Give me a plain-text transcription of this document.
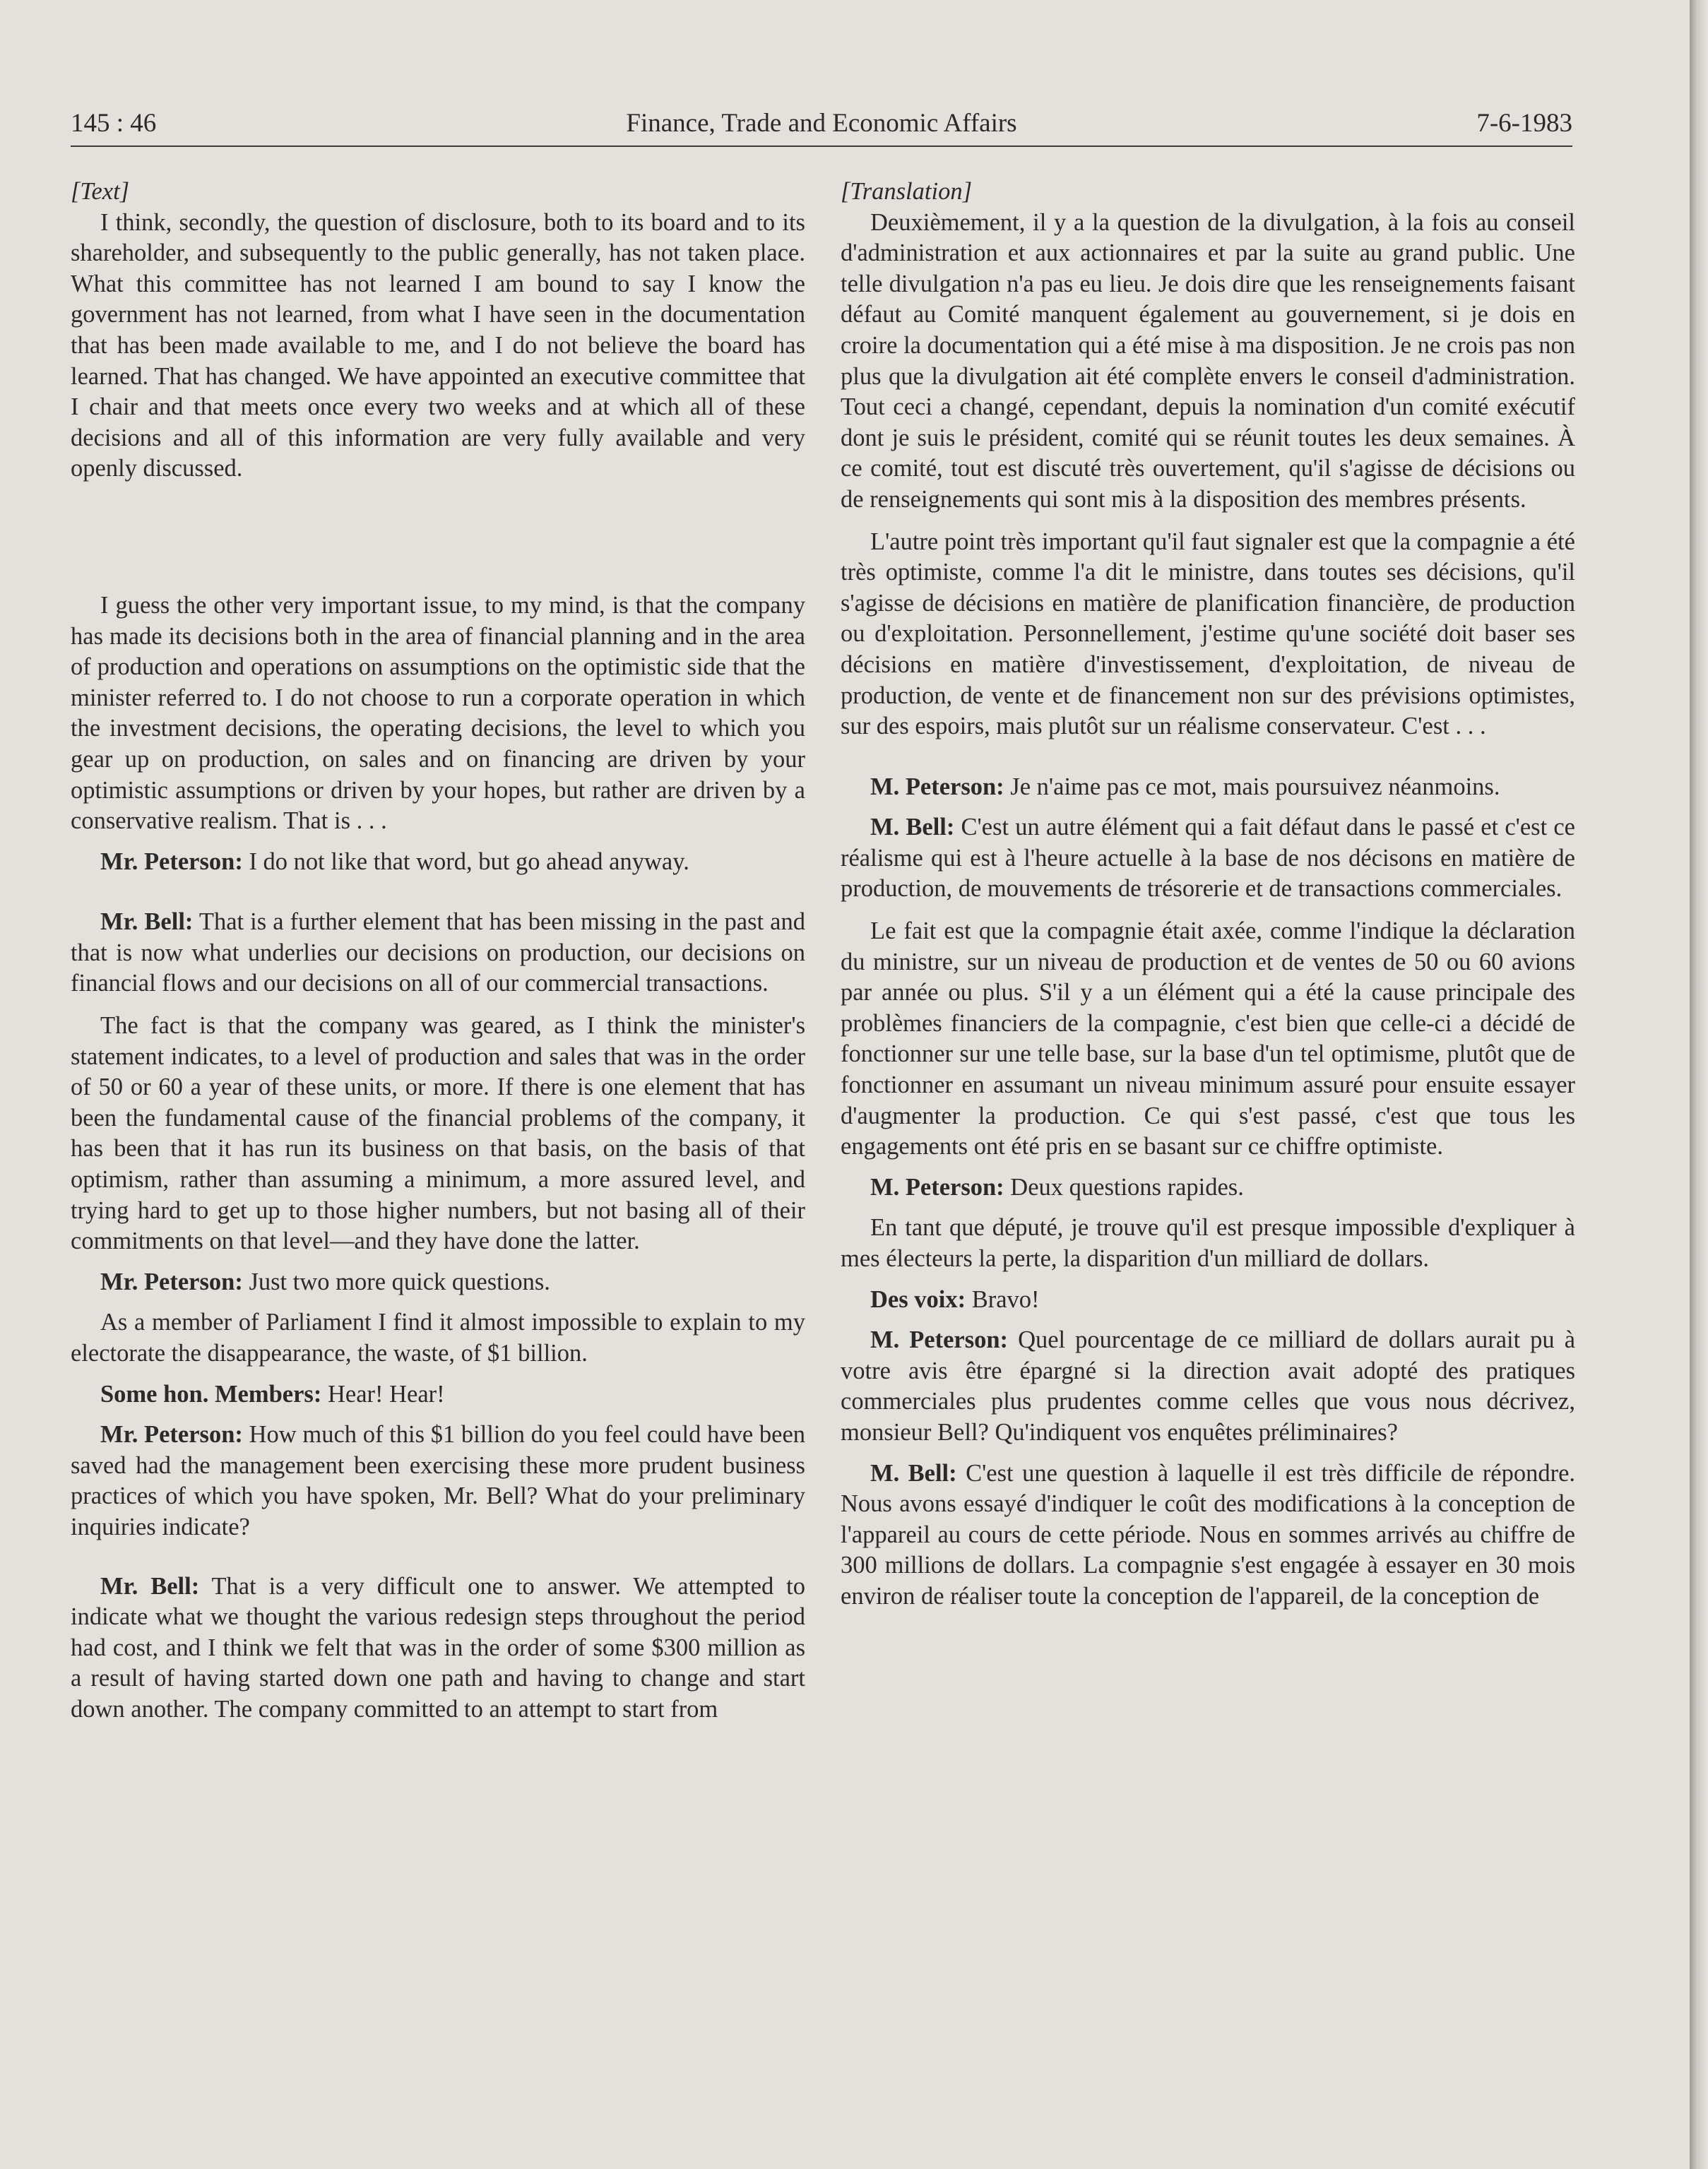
145 : 46	Finance, Trade and Economic Affairs	7-6-1983

[Text]

I think, secondly, the question of disclosure, both to its board and to its shareholder, and subsequently to the public generally, has not taken place. What this committee has not learned I am bound to say I know the government has not learned, from what I have seen in the documentation that has been made available to me, and I do not believe the board has learned. That has changed. We have appointed an executive committee that I chair and that meets once every two weeks and at which all of these decisions and all of this information are very fully available and very openly discussed.

I guess the other very important issue, to my mind, is that the company has made its decisions both in the area of financial planning and in the area of production and operations on assumptions on the optimistic side that the minister referred to. I do not choose to run a corporate operation in which the investment decisions, the operating decisions, the level to which you gear up on production, on sales and on financing are driven by your optimistic assumptions or driven by your hopes, but rather are driven by a conservative realism. That is . . .

Mr. Peterson: I do not like that word, but go ahead anyway.

Mr. Bell: That is a further element that has been missing in the past and that is now what underlies our decisions on production, our decisions on financial flows and our decisions on all of our commercial transactions.

The fact is that the company was geared, as I think the minister's statement indicates, to a level of production and sales that was in the order of 50 or 60 a year of these units, or more. If there is one element that has been the fundamental cause of the financial problems of the company, it has been that it has run its business on that basis, on the basis of that optimism, rather than assuming a minimum, a more assured level, and trying hard to get up to those higher numbers, but not basing all of their commitments on that level—and they have done the latter.

Mr. Peterson: Just two more quick questions.

As a member of Parliament I find it almost impossible to explain to my electorate the disappearance, the waste, of $1 billion.

Some hon. Members: Hear! Hear!

Mr. Peterson: How much of this $1 billion do you feel could have been saved had the management been exercising these more prudent business practices of which you have spoken, Mr. Bell? What do your preliminary inquiries indicate?

Mr. Bell: That is a very difficult one to answer. We attempted to indicate what we thought the various redesign steps throughout the period had cost, and I think we felt that was in the order of some $300 million as a result of having started down one path and having to change and start down another. The company committed to an attempt to start from

[Translation]

Deuxièmement, il y a la question de la divulgation, à la fois au conseil d'administration et aux actionnaires et par la suite au grand public. Une telle divulgation n'a pas eu lieu. Je dois dire que les renseignements faisant défaut au Comité manquent également au gouvernement, si je dois en croire la documentation qui a été mise à ma disposition. Je ne crois pas non plus que la divulgation ait été complète envers le conseil d'administration. Tout ceci a changé, cependant, depuis la nomination d'un comité exécutif dont je suis le président, comité qui se réunit toutes les deux semaines. À ce comité, tout est discuté très ouvertement, qu'il s'agisse de décisions ou de renseignements qui sont mis à la disposition des membres présents.

L'autre point très important qu'il faut signaler est que la compagnie a été très optimiste, comme l'a dit le ministre, dans toutes ses décisions, qu'il s'agisse de décisions en matière de planification financière, de production ou d'exploitation. Personnellement, j'estime qu'une société doit baser ses décisions en matière d'investissement, d'exploitation, de niveau de production, de vente et de financement non sur des prévisions optimistes, sur des espoirs, mais plutôt sur un réalisme conservateur. C'est . . .

M. Peterson: Je n'aime pas ce mot, mais poursuivez néanmoins.

M. Bell: C'est un autre élément qui a fait défaut dans le passé et c'est ce réalisme qui est à l'heure actuelle à la base de nos décisons en matière de production, de mouvements de trésorerie et de transactions commerciales.

Le fait est que la compagnie était axée, comme l'indique la déclaration du ministre, sur un niveau de production et de ventes de 50 ou 60 avions par année ou plus. S'il y a un élément qui a été la cause principale des problèmes financiers de la compagnie, c'est bien que celle-ci a décidé de fonctionner sur une telle base, sur la base d'un tel optimisme, plutôt que de fonctionner en assumant un niveau minimum assuré pour ensuite essayer d'augmenter la production. Ce qui s'est passé, c'est que tous les engagements ont été pris en se basant sur ce chiffre optimiste.

M. Peterson: Deux questions rapides.

En tant que député, je trouve qu'il est presque impossible d'expliquer à mes électeurs la perte, la disparition d'un milliard de dollars.

Des voix: Bravo!

M. Peterson: Quel pourcentage de ce milliard de dollars aurait pu à votre avis être épargné si la direction avait adopté des pratiques commerciales plus prudentes comme celles que vous nous décrivez, monsieur Bell? Qu'indiquent vos enquêtes préliminaires?

M. Bell: C'est une question à laquelle il est très difficile de répondre. Nous avons essayé d'indiquer le coût des modifications à la conception de l'appareil au cours de cette période. Nous en sommes arrivés au chiffre de 300 millions de dollars. La compagnie s'est engagée à essayer en 30 mois environ de réaliser toute la conception de l'appareil, de la conception de
